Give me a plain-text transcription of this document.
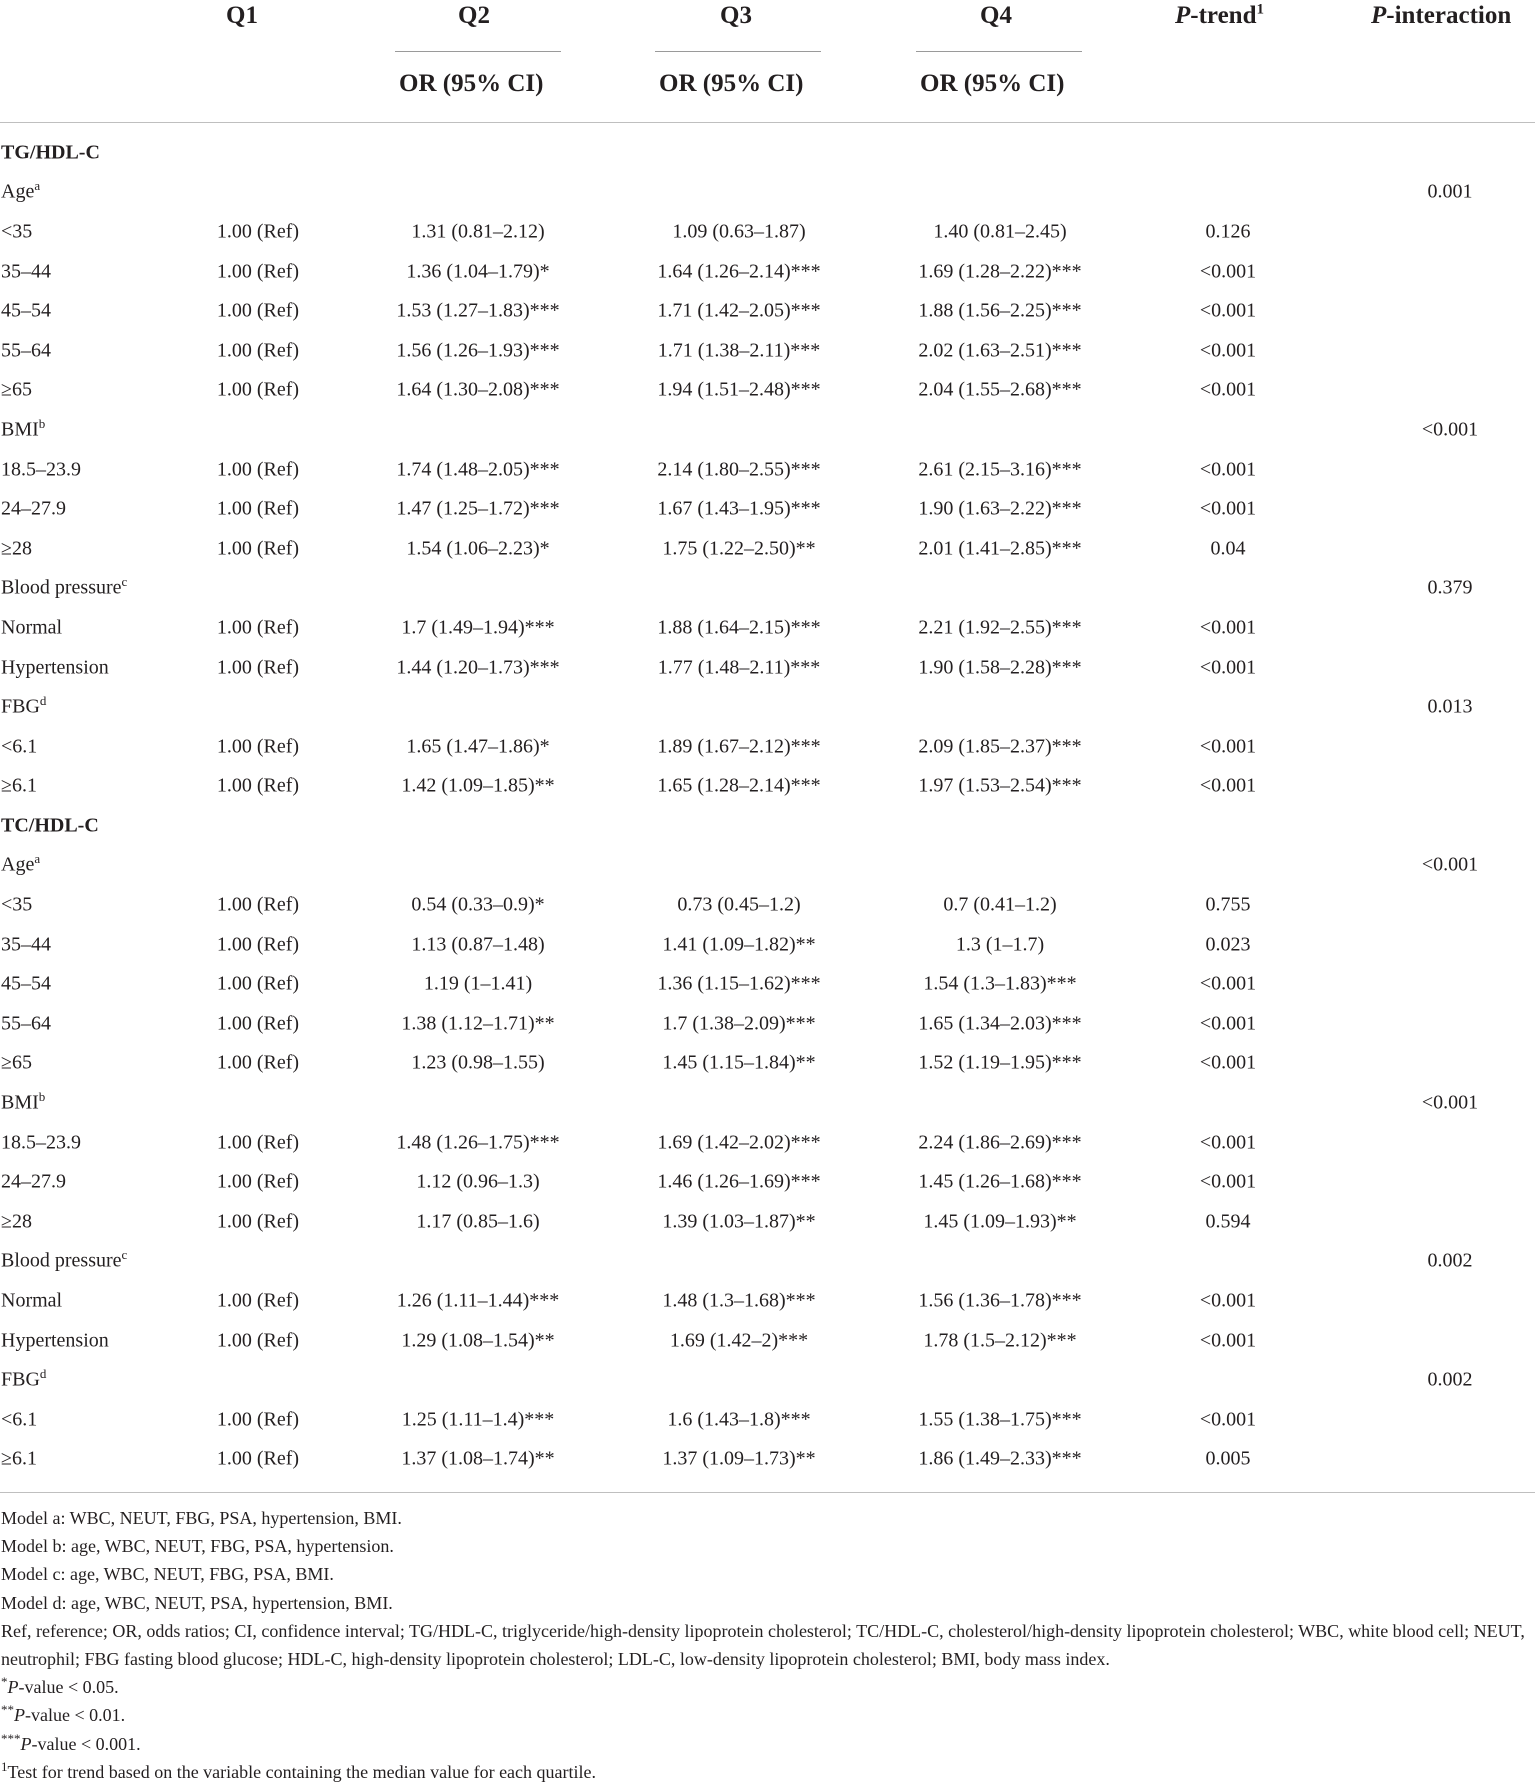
Q1	Q2	Q3	Q4	P-trend$^1$	P-interaction
OR (95% CI)	OR (95% CI)	OR (95% CI)
TG/HDL-C
Age$^a$	0.001
<35	1.00 (Ref)	1.31 (0.81–2.12)	1.09 (0.63–1.87)	1.40 (0.81–2.45)	0.126
35–44	1.00 (Ref)	1.36 (1.04–1.79)*	1.64 (1.26–2.14)***	1.69 (1.28–2.22)***	<0.001
45–54	1.00 (Ref)	1.53 (1.27–1.83)***	1.71 (1.42–2.05)***	1.88 (1.56–2.25)***	<0.001
55–64	1.00 (Ref)	1.56 (1.26–1.93)***	1.71 (1.38–2.11)***	2.02 (1.63–2.51)***	<0.001
≥65	1.00 (Ref)	1.64 (1.30–2.08)***	1.94 (1.51–2.48)***	2.04 (1.55–2.68)***	<0.001
$BMI^b$	<0.001
18.5–23.9	1.00 (Ref)	1.74 (1.48–2.05)***	2.14 (1.80–2.55)***	2.61 (2.15–3.16)***	<0.001
24–27.9	1.00 (Ref)	1.47 (1.25–1.72)***	1.67 (1.43–1.95)***	1.90 (1.63–2.22)***	<0.001
≥28	1.00 (Ref)	1.54 (1.06–2.23)*	1.75 (1.22–2.50)**	2.01 (1.41–2.85)***	0.04
Blood pressure$^c$	0.379
Normal	1.00 (Ref)	1.7 (1.49–1.94)***	1.88 (1.64–2.15)***	2.21 (1.92–2.55)***	<0.001
Hypertension	1.00 (Ref)	1.44 (1.20–1.73)***	1.77 (1.48–2.11)***	1.90 (1.58–2.28)***	<0.001
FBG$^d$	0.013
<6.1	1.00 (Ref)	1.65 (1.47–1.86)*	1.89 (1.67–2.12)***	2.09 (1.85–2.37)***	<0.001
≥6.1	1.00 (Ref)	1.42 (1.09–1.85)**	1.65 (1.28–2.14)***	1.97 (1.53–2.54)***	<0.001
TC/HDL-C
Age$^a$	<0.001
<35	1.00 (Ref)	0.54 (0.33–0.9)*	0.73 (0.45–1.2)	0.7 (0.41–1.2)	0.755
35–44	1.00 (Ref)	1.13 (0.87–1.48)	1.41 (1.09–1.82)**	1.3 (1–1.7)	0.023
45–54	1.00 (Ref)	1.19 (1–1.41)	1.36 (1.15–1.62)***	1.54 (1.3–1.83)***	<0.001
55–64	1.00 (Ref)	1.38 (1.12–1.71)**	1.7 (1.38–2.09)***	1.65 (1.34–2.03)***	<0.001
≥65	1.00 (Ref)	1.23 (0.98–1.55)	1.45 (1.15–1.84)**	1.52 (1.19–1.95)***	<0.001
$BMI^b$	<0.001
18.5–23.9	1.00 (Ref)	1.48 (1.26–1.75)***	1.69 (1.42–2.02)***	2.24 (1.86–2.69)***	<0.001
24–27.9	1.00 (Ref)	1.12 (0.96–1.3)	1.46 (1.26–1.69)***	1.45 (1.26–1.68)***	<0.001
≥28	1.00 (Ref)	1.17 (0.85–1.6)	1.39 (1.03–1.87)**	1.45 (1.09–1.93)**	0.594
Blood pressure$^c$	0.002
Normal	1.00 (Ref)	1.26 (1.11–1.44)***	1.48 (1.3–1.68)***	1.56 (1.36–1.78)***	<0.001
Hypertension	1.00 (Ref)	1.29 (1.08–1.54)**	1.69 (1.42–2)***	1.78 (1.5–2.12)***	<0.001
FBG$^d$	0.002
<6.1	1.00 (Ref)	1.25 (1.11–1.4)***	1.6 (1.43–1.8)***	1.55 (1.38–1.75)***	<0.001
≥6.1	1.00 (Ref)	1.37 (1.08–1.74)**	1.37 (1.09–1.73)**	1.86 (1.49–2.33)***	0.005
Model a: WBC, NEUT, FBG, PSA, hypertension, BMI.
Model b: age, WBC, NEUT, FBG, PSA, hypertension.
Model c: age, WBC, NEUT, FBG, PSA, BMI.
Model d: age, WBC, NEUT, PSA, hypertension, BMI.
Ref, reference; OR, odds ratios; CI, confidence interval; TG/HDL-C, triglyceride/high-density lipoprotein cholesterol; TC/HDL-C, cholesterol/high-density lipoprotein cholesterol; WBC, white blood cell; NEUT, neutrophil; FBG fasting blood glucose; HDL-C, high-density lipoprotein cholesterol; LDL-C, low-density lipoprotein cholesterol; BMI, body mass index.
*P-value < 0.05.
**P-value < 0.01.
***P-value < 0.001.
$^1$Test for trend based on the variable containing the median value for each quartile.
